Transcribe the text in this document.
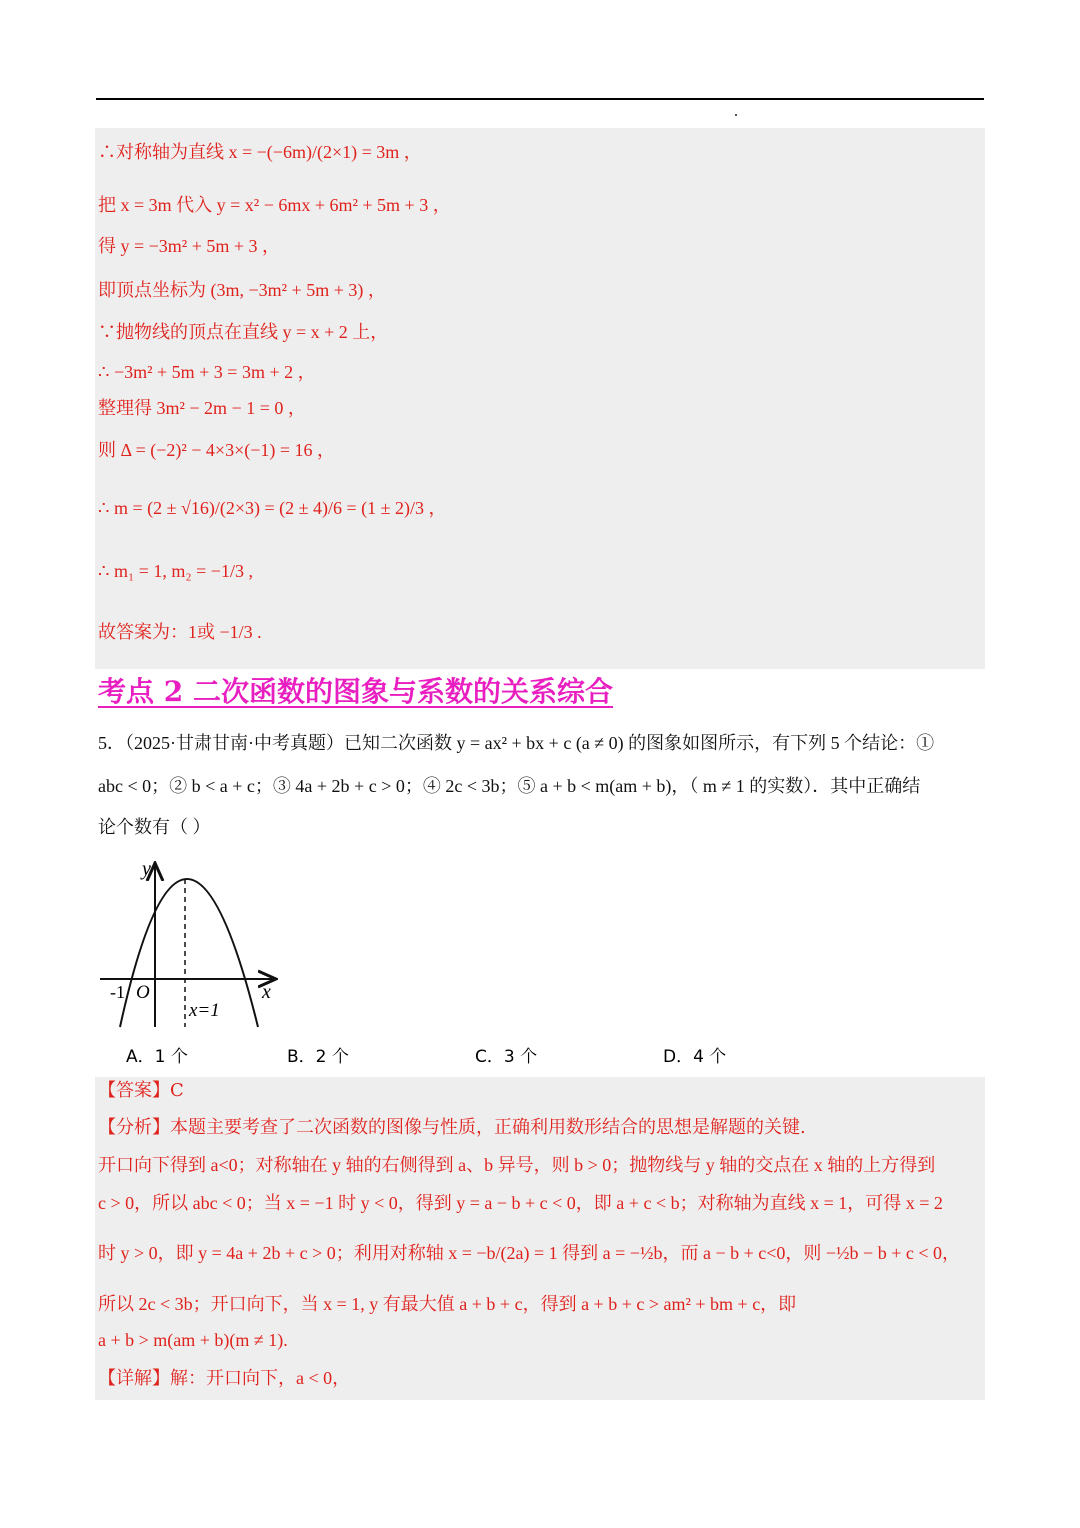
∴对称轴为直线 x = −(−6m)/(2×1) = 3m ，
把 x = 3m 代入 y = x² − 6mx + 6m² + 5m + 3 ，
得 y = −3m² + 5m + 3 ，
即顶点坐标为 (3m, −3m² + 5m + 3) ，
∵抛物线的顶点在直线 y = x + 2 上，
∴ −3m² + 5m + 3 = 3m + 2 ，
整理得 3m² − 2m − 1 = 0 ，
则 Δ = (−2)² − 4×3×(−1) = 16 ，
∴ m = (2 ± √16)/(2×3) = (2 ± 4)/6 = (1 ± 2)/3 ，
∴ m₁ = 1, m₂ = −1/3 ,
故答案为：1或 −1/3 .
考点 2 二次函数的图象与系数的关系综合
5．（2025·甘肃甘南·中考真题）已知二次函数 y = ax² + bx + c (a ≠ 0) 的图象如图所示，有下列 5 个结论：①
abc < 0；② b < a + c；③ 4a + 2b + c > 0；④ 2c < 3b；⑤ a + b < m(am + b)，（ m ≠ 1 的实数）．其中正确结
论个数有（ ）
y
x
O
-1
x=1
A．1 个	B．2 个	C．3 个	D．4 个
【答案】C
【分析】本题主要考查了二次函数的图像与性质，正确利用数形结合的思想是解题的关键.
开口向下得到 a<0；对称轴在 y 轴的右侧得到 a、b 异号，则 b > 0；抛物线与 y 轴的交点在 x 轴的上方得到
c > 0，所以 abc < 0；当 x = −1 时 y < 0，得到 y = a − b + c < 0，即 a + c < b；对称轴为直线 x = 1，可得 x = 2
时 y > 0，即 y = 4a + 2b + c > 0；利用对称轴 x = −b/(2a) = 1 得到 a = −½b，而 a − b + c<0，则 −½b − b + c < 0，
所以 2c < 3b；开口向下，当 x = 1, y 有最大值 a + b + c，得到 a + b + c > am² + bm + c，即
a + b > m(am + b)(m ≠ 1).
【详解】解：开口向下，a < 0，
